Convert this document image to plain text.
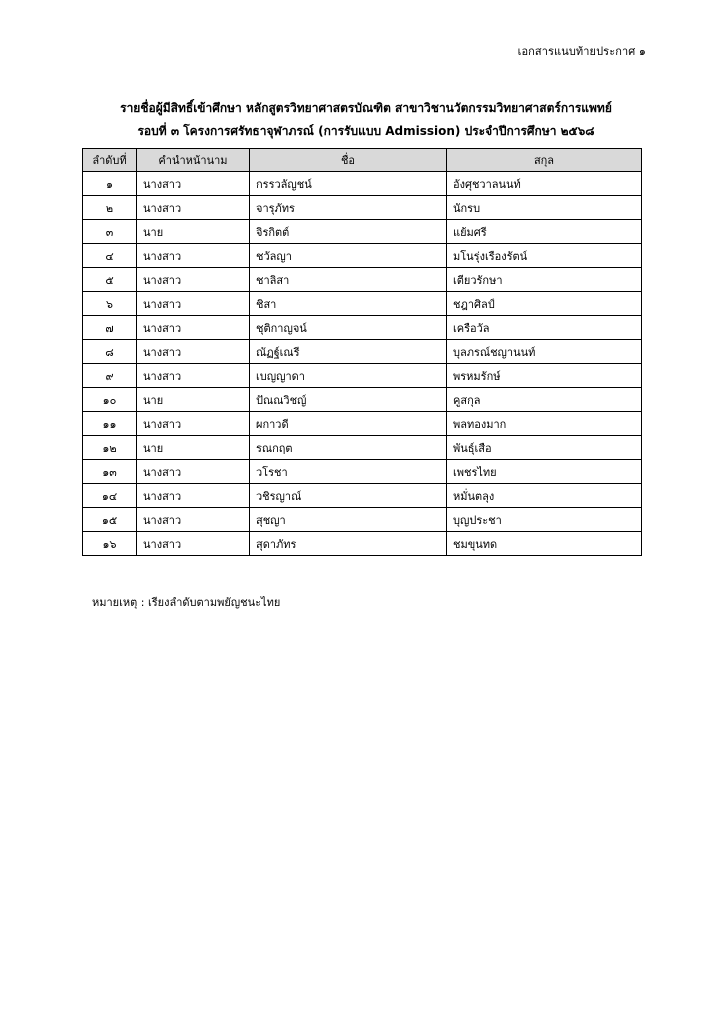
เอกสารแนบท้ายประกาศ ๑
รายชื่อผู้มีสิทธิ์เข้าศึกษา หลักสูตรวิทยาศาสตรบัณฑิต สาขาวิชานวัตกรรมวิทยาศาสตร์การแพทย์
รอบที่ ๓ โครงการศรัทธาจุฬาภรณ์ (การรับแบบ Admission) ประจำปีการศึกษา ๒๕๖๘
ลำดับที่	คำนำหน้านาม	ชื่อ	สกุล
๑	นางสาว	กรรวลัญชน์	อังศุชวาลนนท์
๒	นางสาว	จารุภัทร	นักรบ
๓	นาย	จิรกิตต์	แย้มศรี
๔	นางสาว	ชวัลญา	มโนรุ่งเรืองรัตน์
๕	นางสาว	ชาลิสา	เตียวรักษา
๖	นางสาว	ชิสา	ชฎาศิลป์
๗	นางสาว	ชุติกาญจน์	เครือวัล
๘	นางสาว	ณัฏฐ์เณรี	บุลภรณ์ชญานนท์
๙	นางสาว	เบญญาดา	พรหมรักษ์
๑๐	นาย	ปัณณวิชญ์	คูสกุล
๑๑	นางสาว	ผกาวดี	พลทองมาก
๑๒	นาย	รณกฤต	พันธุ์เสือ
๑๓	นางสาว	วโรชา	เพชรไทย
๑๔	นางสาว	วชิรญาณ์	หมั่นตลุง
๑๕	นางสาว	สุชญา	บุญประชา
๑๖	นางสาว	สุดาภัทร	ชมขุนทด
หมายเหตุ : เรียงลำดับตามพยัญชนะไทย
